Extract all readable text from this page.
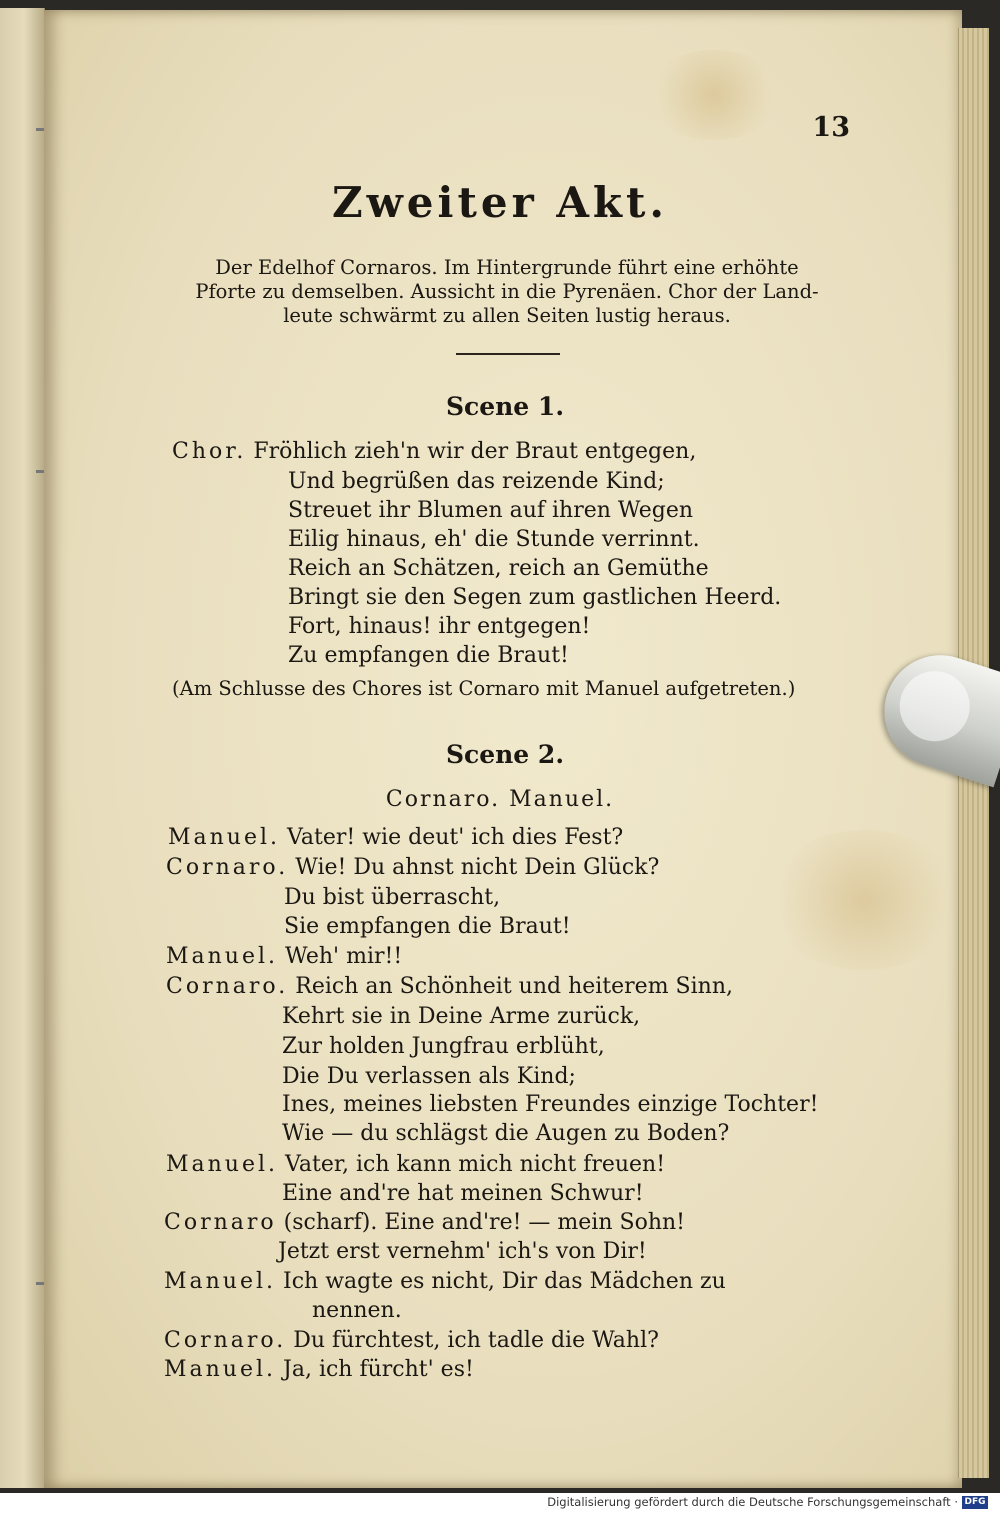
13
Zweiter Akt.
Der Edelhof Cornaros. Im Hintergrunde führt eine erhöhte
Pforte zu demselben. Aussicht in die Pyrenäen. Chor der Land-
leute schwärmt zu allen Seiten lustig heraus.
Scene 1.
Chor. Fröhlich zieh'n wir der Braut entgegen,
Und begrüßen das reizende Kind;
Streuet ihr Blumen auf ihren Wegen
Eilig hinaus, eh' die Stunde verrinnt.
Reich an Schätzen, reich an Gemüthe
Bringt sie den Segen zum gastlichen Heerd.
Fort, hinaus! ihr entgegen!
Zu empfangen die Braut!
(Am Schlusse des Chores ist Cornaro mit Manuel aufgetreten.)
Scene 2.
Cornaro. Manuel.
Manuel. Vater! wie deut' ich dies Fest?
Cornaro. Wie! Du ahnst nicht Dein Glück?
Du bist überrascht,
Sie empfangen die Braut!
Manuel. Weh' mir!!
Cornaro. Reich an Schönheit und heiterem Sinn,
Kehrt sie in Deine Arme zurück,
Zur holden Jungfrau erblüht,
Die Du verlassen als Kind;
Ines, meines liebsten Freundes einzige Tochter!
Wie — du schlägst die Augen zu Boden?
Manuel. Vater, ich kann mich nicht freuen!
Eine and're hat meinen Schwur!
Cornaro (scharf). Eine and're! — mein Sohn!
Jetzt erst vernehm' ich's von Dir!
Manuel. Ich wagte es nicht, Dir das Mädchen zu
nennen.
Cornaro. Du fürchtest, ich tadle die Wahl?
Manuel. Ja, ich fürcht' es!
Digitalisierung gefördert durch die Deutsche Forschungsgemeinschaft · DFG
